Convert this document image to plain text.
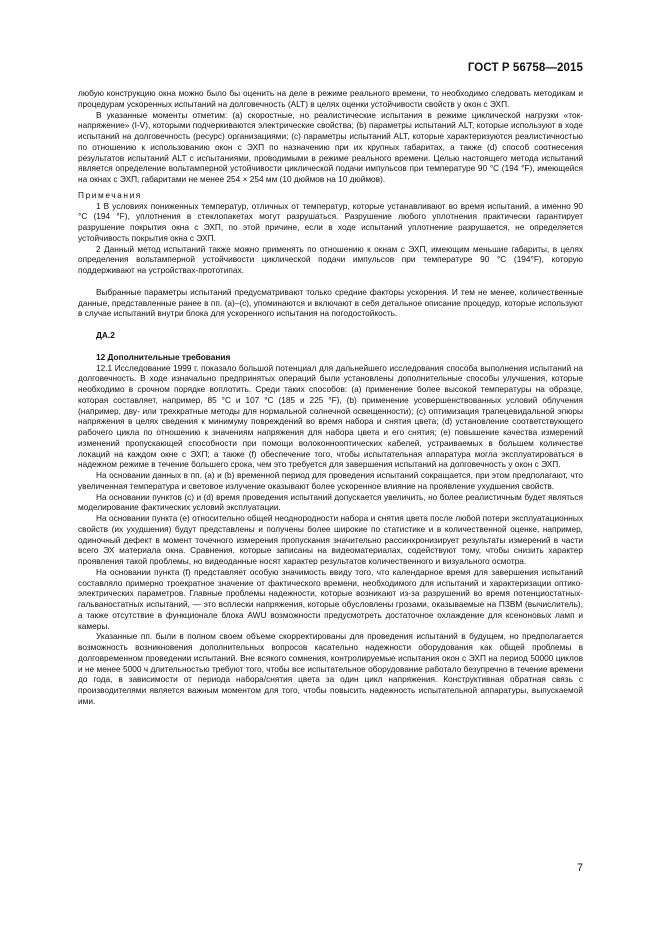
ГОСТ Р 56758—2015

любую конструкцию окна можно было бы оценить на деле в режиме реального времени, то необходимо следовать методикам и процедурам ускоренных испытаний на долговечность (ALT) в целях оценки устойчивости свойств у окон с ЭХП.

В указанные моменты отметим: (а) скоростные, но реалистические испытания в режиме циклической нагрузки «ток-напряжение» (I-V), которыми подчеркиваются электрические свойства; (b) параметры испытаний ALT, которые используют в ходе испытаний на долговечность (ресурс) организациями; (с) параметры испытаний ALT, которые характеризуются реалистичностью по отношению к использованию окон с ЭХП по назначению при их крупных габаритах, а также (d) способ соотнесения результатов испытаний ALT с испытаниями, проводимыми в режиме реального времени. Целью настоящего метода испытаний является определение вольтамперной устойчивости циклической подачи импульсов при температуре 90 °С (194 °F), имеющейся на окнах с ЭХП, габаритами не менее 254 × 254 мм (10 дюймов на 10 дюймов).

Примечания

1 В условиях пониженных температур, отличных от температур, которые устанавливают во время испытаний, а именно 90 °С (194 °F), уплотнения в стеклопакетах могут разрушаться. Разрушение любого уплотнения практически гарантирует разрушение покрытия окна с ЭХП, по этой причине, если в ходе испытаний уплотнение разрушается, не определяется устойчивость покрытия окна с ЭХП.

2 Данный метод испытаний также можно применять по отношению к окнам с ЭХП, имеющим меньшие габариты, в целях определения вольтамперной устойчивости циклической подачи импульсов при температуре 90 °С (194°F), которую поддерживают на устройствах-прототипах.

Выбранные параметры испытаний предусматривают только средние факторы ускорения. И тем не менее, количественные данные, представленные ранее в пп. (а)–(с), упоминаются и включают в себя детальное описание процедур, которые используют в случае испытаний внутри блока для ускоренного испытания на погодостойкость.

ДА.2

12 Дополнительные требования

12.1 Исследование 1999 г. показало большой потенциал для дальнейшего исследования способа выполнения испытаний на долговечность. В ходе изначально предпринятых операций были установлены дополнительные способы улучшения, которые необходимо в срочном порядке воплотить. Среди таких способов: (а) применение более высокой температуры на образце, которая составляет, например, 85 °С и 107 °С (185 и 225 °F), (b) применение усовершенствованных условий облучения (например, дву- или трехкратные методы для нормальной солнечной освещенности); (с) оптимизация трапецевидальной эпюры напряжения в целях сведения к минимуму повреждений во время набора и снятия цвета; (d) установление соответствующего рабочего цикла по отношению к значениям напряжения для набора цвета и его снятия; (е) повышение качества измерений изменений пропускающей способности при помощи волоконнооптических кабелей, устраиваемых в большем количестве локаций на каждом окне с ЭХП; а также (f) обеспечение того, чтобы испытательная аппаратура могла эксплуатироваться в надежном режиме в течение большего срока, чем это требуется для завершения испытаний на долговечность у окон с ЭХП.

На основании данных в пп. (а) и (b) временной период для проведения испытаний сокращается, при этом предполагают, что увеличенная температура и световое излучение оказывают более ускоренное влияние на проявление ухудшения свойств.

На основании пунктов (с) и (d) время проведения испытаний допускается увеличить, но более реалистичным будет являться моделирование фактических условий эксплуатации.

На основании пункта (е) относительно общей неоднородности набора и снятия цвета после любой потери эксплуатационных свойств (их ухудшения) будут представлены и получены более широкие по статистике и в количественной оценке, например, одиночный дефект в момент точечного измерения пропускания значительно рассинхронизирует результаты измерений в части всего ЭХ материала окна. Сравнения, которые записаны на видеоматериалах, содействуют тому, чтобы снизить характер проявления такой проблемы, но видеоданные носят характер результатов количественного и визуального осмотра.

На основании пункта (f) представляет особую значимость ввиду того, что календарное время для завершения испытаний составляло примерно троекратное значение от фактического времени, необходимого для испытаний и характеризации оптико-электрических параметров. Главные проблемы надежности, которые возникают из-за разрушений во время потенциостатных-гальваностатных испытаний, — это всплески напряжения, которые обусловлены грозами, оказываемые на ПЗВМ (вычислитель), а также отсутствие в функционале блока AWU возможности предусмотреть достаточное охлаждение для ксеноновых ламп и камеры.

Указанные пп. были в полном своем объеме скорректированы для проведения испытаний в будущем, но предполагается возможность возникновения дополнительных вопросов касательно надежности оборудования как общей проблемы в долговременном проведении испытаний. Вне всякого сомнения, контролируемые испытания окон с ЭХП на период 50000 циклов и не менее 5000 ч длительностью требуют того, чтобы все испытательное оборудование работало безупречно в течение времени до года, в зависимости от периода набора/снятия цвета за один цикл напряжения. Конструктивная обратная связь с производителями является важным моментом для того, чтобы повысить надежность испытательной аппаратуры, выпускаемой ими.

7
